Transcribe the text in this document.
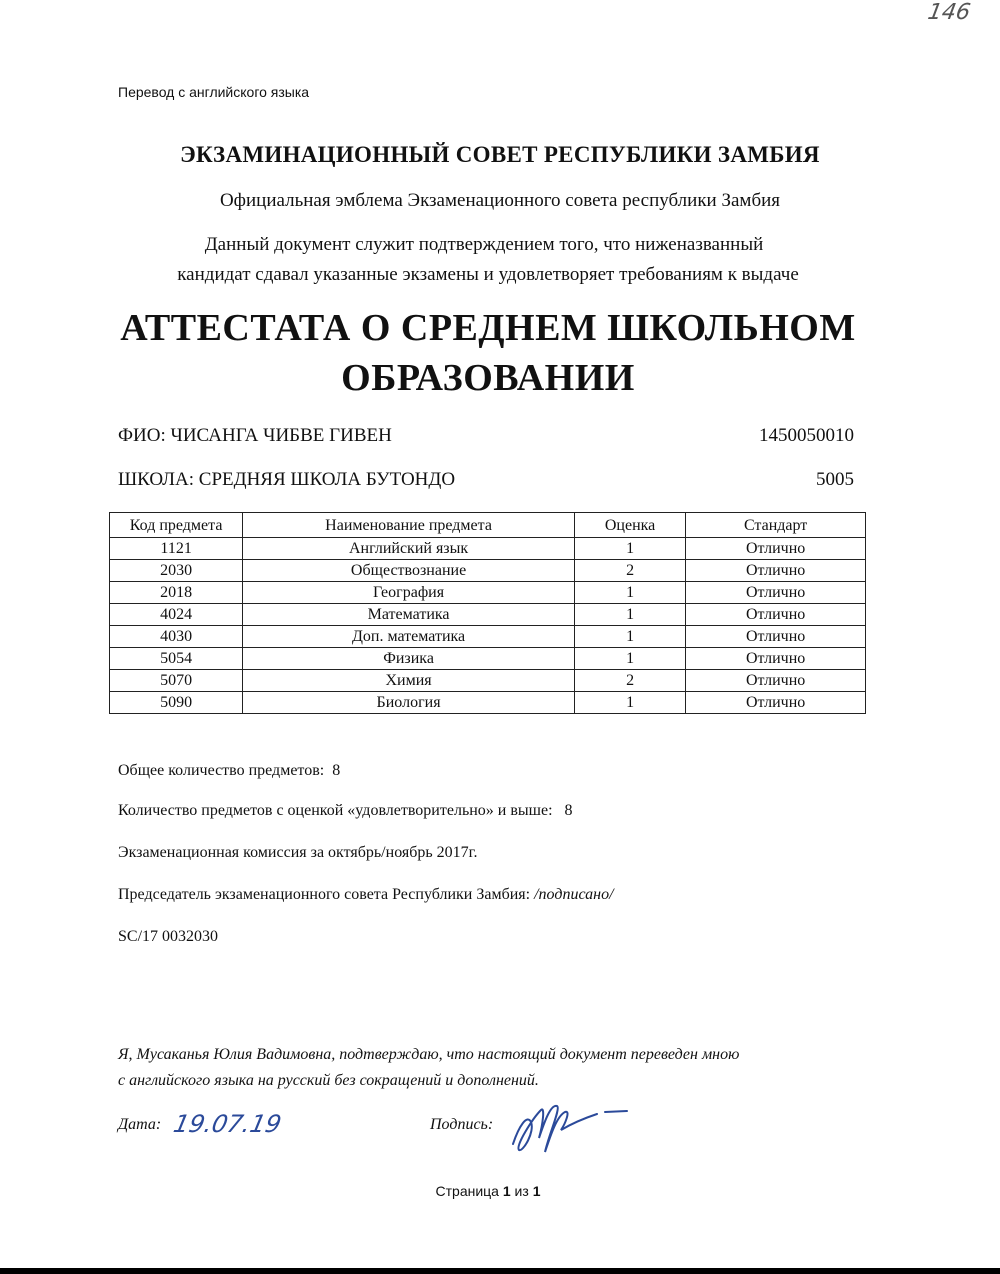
146
Перевод с английского языка
ЭКЗАМИНАЦИОННЫЙ СОВЕТ РЕСПУБЛИКИ ЗАМБИЯ
Официальная эмблема Экзаменационного совета республики Замбия
Данный документ служит подтверждением того, что ниженазванный
кандидат сдавал указанные экзамены и удовлетворяет требованиям к выдаче
АТТЕСТАТА О СРЕДНЕМ ШКОЛЬНОМ
ОБРАЗОВАНИИ
ФИО: ЧИСАНГА ЧИБВЕ ГИВЕН	1450050010
ШКОЛА: СРЕДНЯЯ ШКОЛА БУТОНДО	5005
Код предмета	Наименование предмета	Оценка	Стандарт
1121	Английский язык	1	Отлично
2030	Обществознание	2	Отлично
2018	География	1	Отлично
4024	Математика	1	Отлично
4030	Доп. математика	1	Отлично
5054	Физика	1	Отлично
5070	Химия	2	Отлично
5090	Биология	1	Отлично
Общее количество предметов: 8
Количество предметов с оценкой «удовлетворительно» и выше: 8
Экзаменационная комиссия за октябрь/ноябрь 2017г.
Председатель экзаменационного совета Республики Замбия: /подписано/
SC/17 0032030
Я, Мусаканья Юлия Вадимовна, подтверждаю, что настоящий документ переведен мною
с английского языка на русский без сокращений и дополнений.
Дата: 19.07.19	Подпись:
Страница 1 из 1
